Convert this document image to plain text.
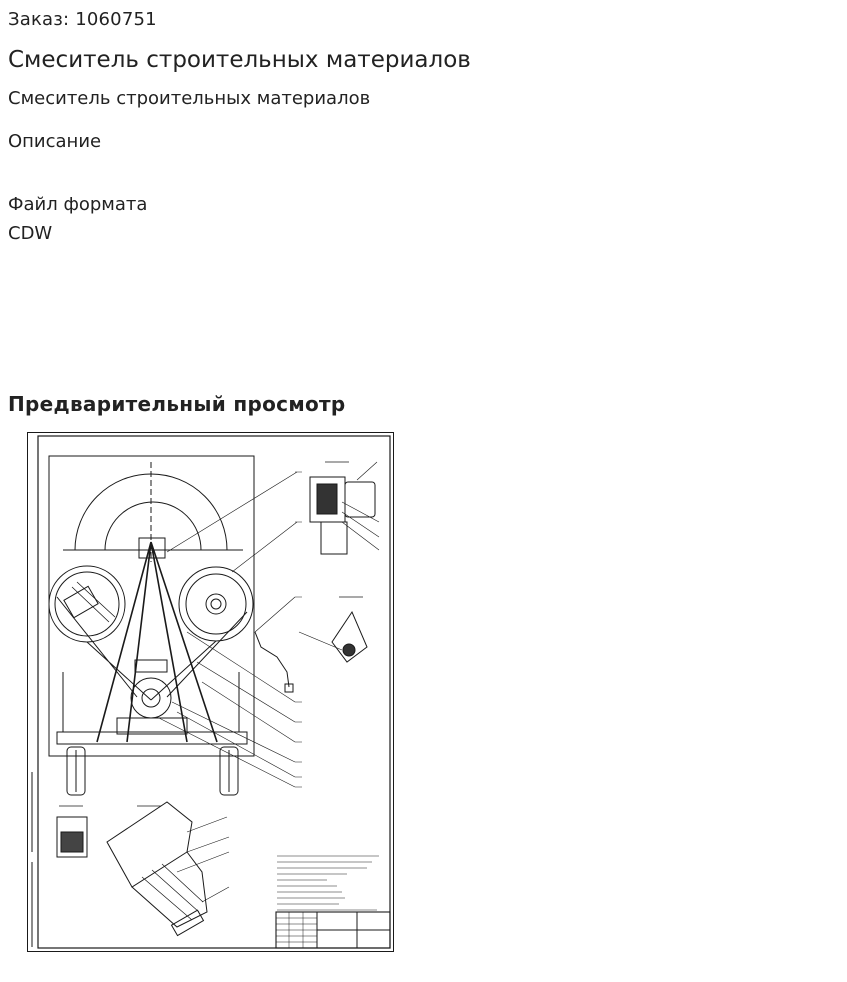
Заказ: 1060751
Смеситель строительных материалов
Смеситель строительных материалов
Описание
Файл формата
CDW
Предварительный просмотр
